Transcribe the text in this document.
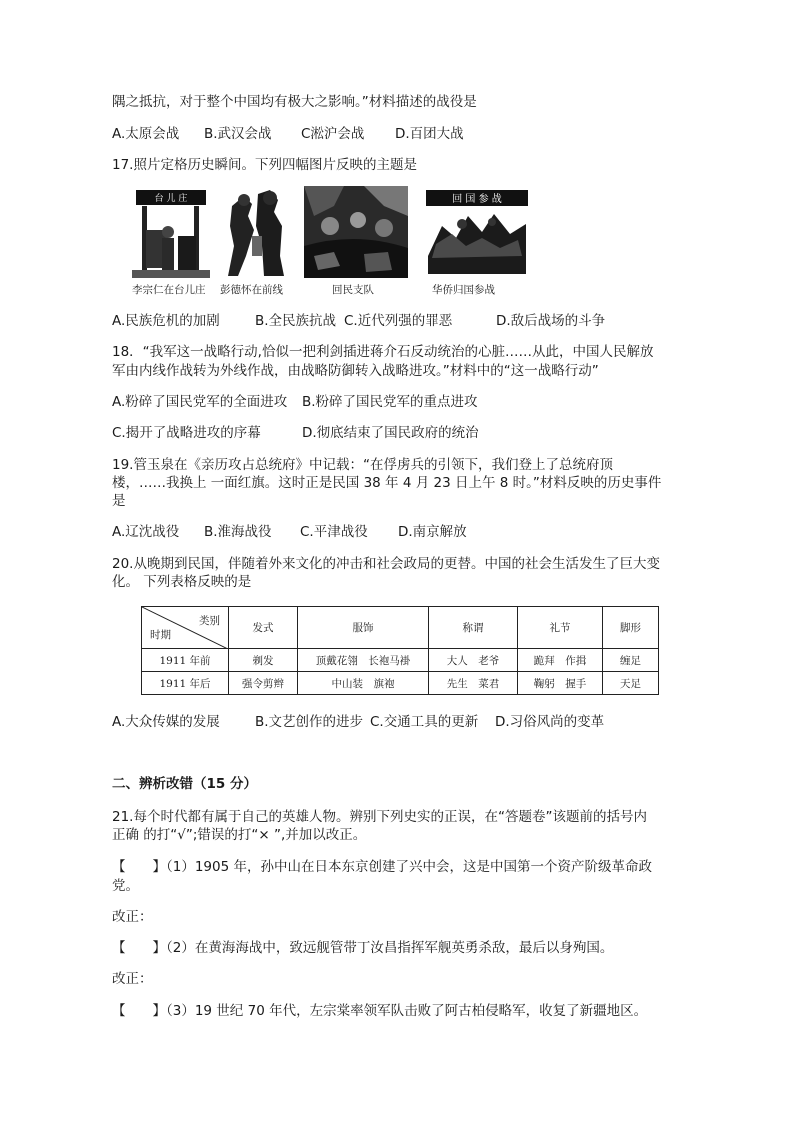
隅之抵抗，对于整个中国均有极大之影响。”材料描述的战役是
A.太原会战 B.武汉会战 C淞沪会战 D.百团大战
17.照片定格历史瞬间。下列四幅图片反映的主题是
台 儿 庄	回 国 参 战
李宗仁在台儿庄 彭德怀在前线	回民支队	华侨归国参战
A.民族危机的加剧	B.全民族抗战 C.近代列强的罪恶	D.敌后战场的斗争
18．“我军这一战略行动,恰似一把利剑插进蒋介石反动统治的心脏……从此，中国人民解放
军由内线作战转为外线作战，由战略防御转入战略进攻。”材料中的“这一战略行动”
A.粉碎了国民党军的全面进攻 B.粉碎了国民党军的重点进攻
C.揭开了战略进攻的序幕	D.彻底结束了国民政府的统治
19.管玉泉在《亲历攻占总统府》中记载：“在俘虏兵的引领下，我们登上了总统府顶
楼，……我换上 一面红旗。这时正是民国 38 年 4 月 23 日上午 8 时。”材料反映的历史事件
是
A.辽沈战役 B.淮海战役 C.平津战役 D.南京解放
20.从晚期到民国，伴随着外来文化的冲击和社会政局的更替。中国的社会生活发生了巨大变
化。 下列表格反映的是
类别
时期	发式	服饰	称谓	礼节	脚形
1911 年前	剃发	顶戴花翎　长袍马褂	大人　老爷	跪拜　作揖	缠足
1911 年后	强令剪辫	中山装　旗袍	先生　菜君	鞠躬　握手	天足
A.大众传媒的发展	B.文艺创作的进步 C.交通工具的更新 D.习俗风尚的变革
二、辨析改错（15 分）
21.每个时代都有属于自己的英雄人物。辨别下列史实的正误，在“答题卷”该题前的括号内
正确 的打“√”;错误的打“× ”,并加以改正。
【　　】（1）1905 年，孙中山在日本东京创建了兴中会，这是中国第一个资产阶级革命政
党。
改正：
【　　】（2）在黄海海战中，致远舰管带丁汝昌指挥军舰英勇杀敌，最后以身殉国。
改正：
【　　】（3）19 世纪 70 年代，左宗棠率领军队击败了阿古柏侵略军，收复了新疆地区。
